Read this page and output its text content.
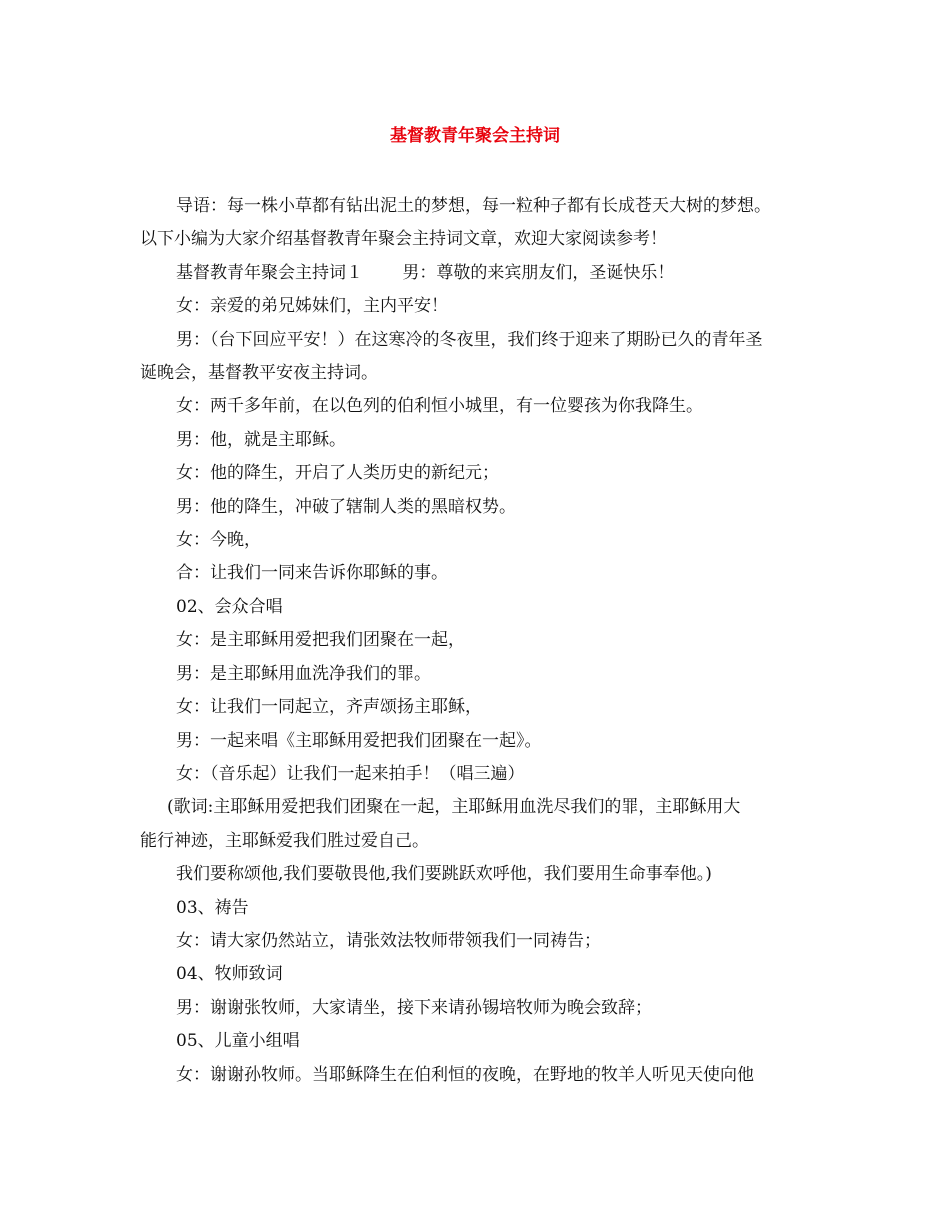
基督教青年聚会主持词

导语：每一株小草都有钻出泥土的梦想，每一粒种子都有长成苍天大树的梦想。

以下小编为大家介绍基督教青年聚会主持词文章，欢迎大家阅读参考！

基督教青年聚会主持词１　　 男：尊敬的来宾朋友们，圣诞快乐！

女：亲爱的弟兄姊妹们，主内平安！

男：（台下回应平安！）在这寒冷的冬夜里，我们终于迎来了期盼已久的青年圣

诞晚会，基督教平安夜主持词。

女：两千多年前，在以色列的伯利恒小城里，有一位婴孩为你我降生。

男：他，就是主耶稣。

女：他的降生，开启了人类历史的新纪元；

男：他的降生，冲破了辖制人类的黑暗权势。

女：今晚，

合：让我们一同来告诉你耶稣的事。

02、会众合唱

女：是主耶稣用爱把我们团聚在一起，

男：是主耶稣用血洗净我们的罪。

女：让我们一同起立，齐声颂扬主耶稣，

男：一起来唱《主耶稣用爱把我们团聚在一起》。

女：（音乐起）让我们一起来拍手！（唱三遍）

(歌词:主耶稣用爱把我们团聚在一起，主耶稣用血洗尽我们的罪，主耶稣用大

能行神迹，主耶稣爱我们胜过爱自己。

我们要称颂他,我们要敬畏他,我们要跳跃欢呼他，我们要用生命事奉他。)

03、祷告

女：请大家仍然站立，请张效法牧师带领我们一同祷告；

04、牧师致词

男：谢谢张牧师，大家请坐，接下来请孙锡培牧师为晚会致辞；

05、儿童小组唱

女：谢谢孙牧师。当耶稣降生在伯利恒的夜晚，在野地的牧羊人听见天使向他
